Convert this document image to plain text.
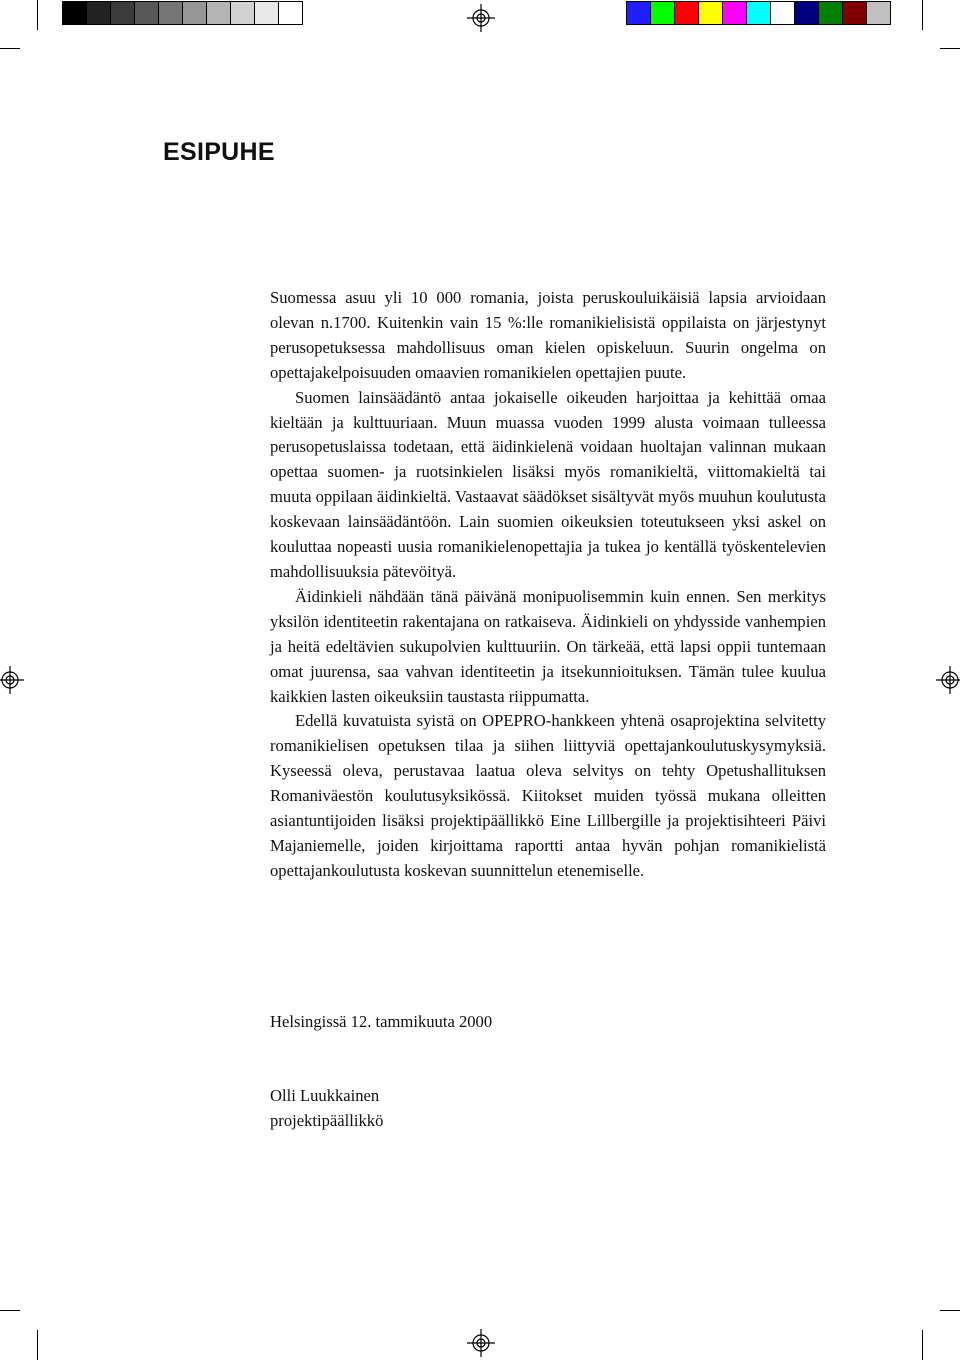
ESIPUHE

Suomessa asuu yli 10 000 romania, joista peruskouluikäisiä lapsia arvioidaan olevan n.1700. Kuitenkin vain 15 %:lle romanikielisistä oppilaista on järjestynyt perusopetuksessa mahdollisuus oman kielen opiskeluun. Suurin ongelma on opettajakelpoisuuden omaavien romanikielen opettajien puute.

Suomen lainsäädäntö antaa jokaiselle oikeuden harjoittaa ja kehittää omaa kieltään ja kulttuuriaan. Muun muassa vuoden 1999 alusta voimaan tulleessa perusopetuslaissa todetaan, että äidinkielenä voidaan huoltajan valinnan mukaan opettaa suomen- ja ruotsinkielen lisäksi myös romanikieltä, viittomakieltä tai muuta oppilaan äidinkieltä. Vastaavat säädökset sisältyvät myös muuhun koulutusta koskevaan lainsäädäntöön. Lain suomien oikeuksien toteutukseen yksi askel on kouluttaa nopeasti uusia romanikielenopettajia ja tukea jo kentällä työskentelevien mahdollisuuksia pätevöityä.

Äidinkieli nähdään tänä päivänä monipuolisemmin kuin ennen. Sen merkitys yksilön identiteetin rakentajana on ratkaiseva. Äidinkieli on yhdysside vanhempien ja heitä edeltävien sukupolvien kulttuuriin. On tärkeää, että lapsi oppii tuntemaan omat juurensa, saa vahvan identiteetin ja itsekunnioituksen. Tämän tulee kuulua kaikkien lasten oikeuksiin taustasta riippumatta.

Edellä kuvatuista syistä on OPEPRO-hankkeen yhtenä osaprojektina selvitetty romanikielisen opetuksen tilaa ja siihen liittyviä opettajankoulutuskysymyksiä. Kyseessä oleva, perustavaa laatua oleva selvitys on tehty Opetushallituksen Romaniväestön koulutusyksikössä. Kiitokset muiden työssä mukana olleitten asiantuntijoiden lisäksi projektipäällikkö Eine Lillbergille ja projektisihteeri Päivi Majaniemelle, joiden kirjoittama raportti antaa hyvän pohjan romanikielistä opettajankoulutusta koskevan suunnittelun etenemiselle.

Helsingissä 12. tammikuuta 2000
Olli Luukkainen
projektipäällikkö
